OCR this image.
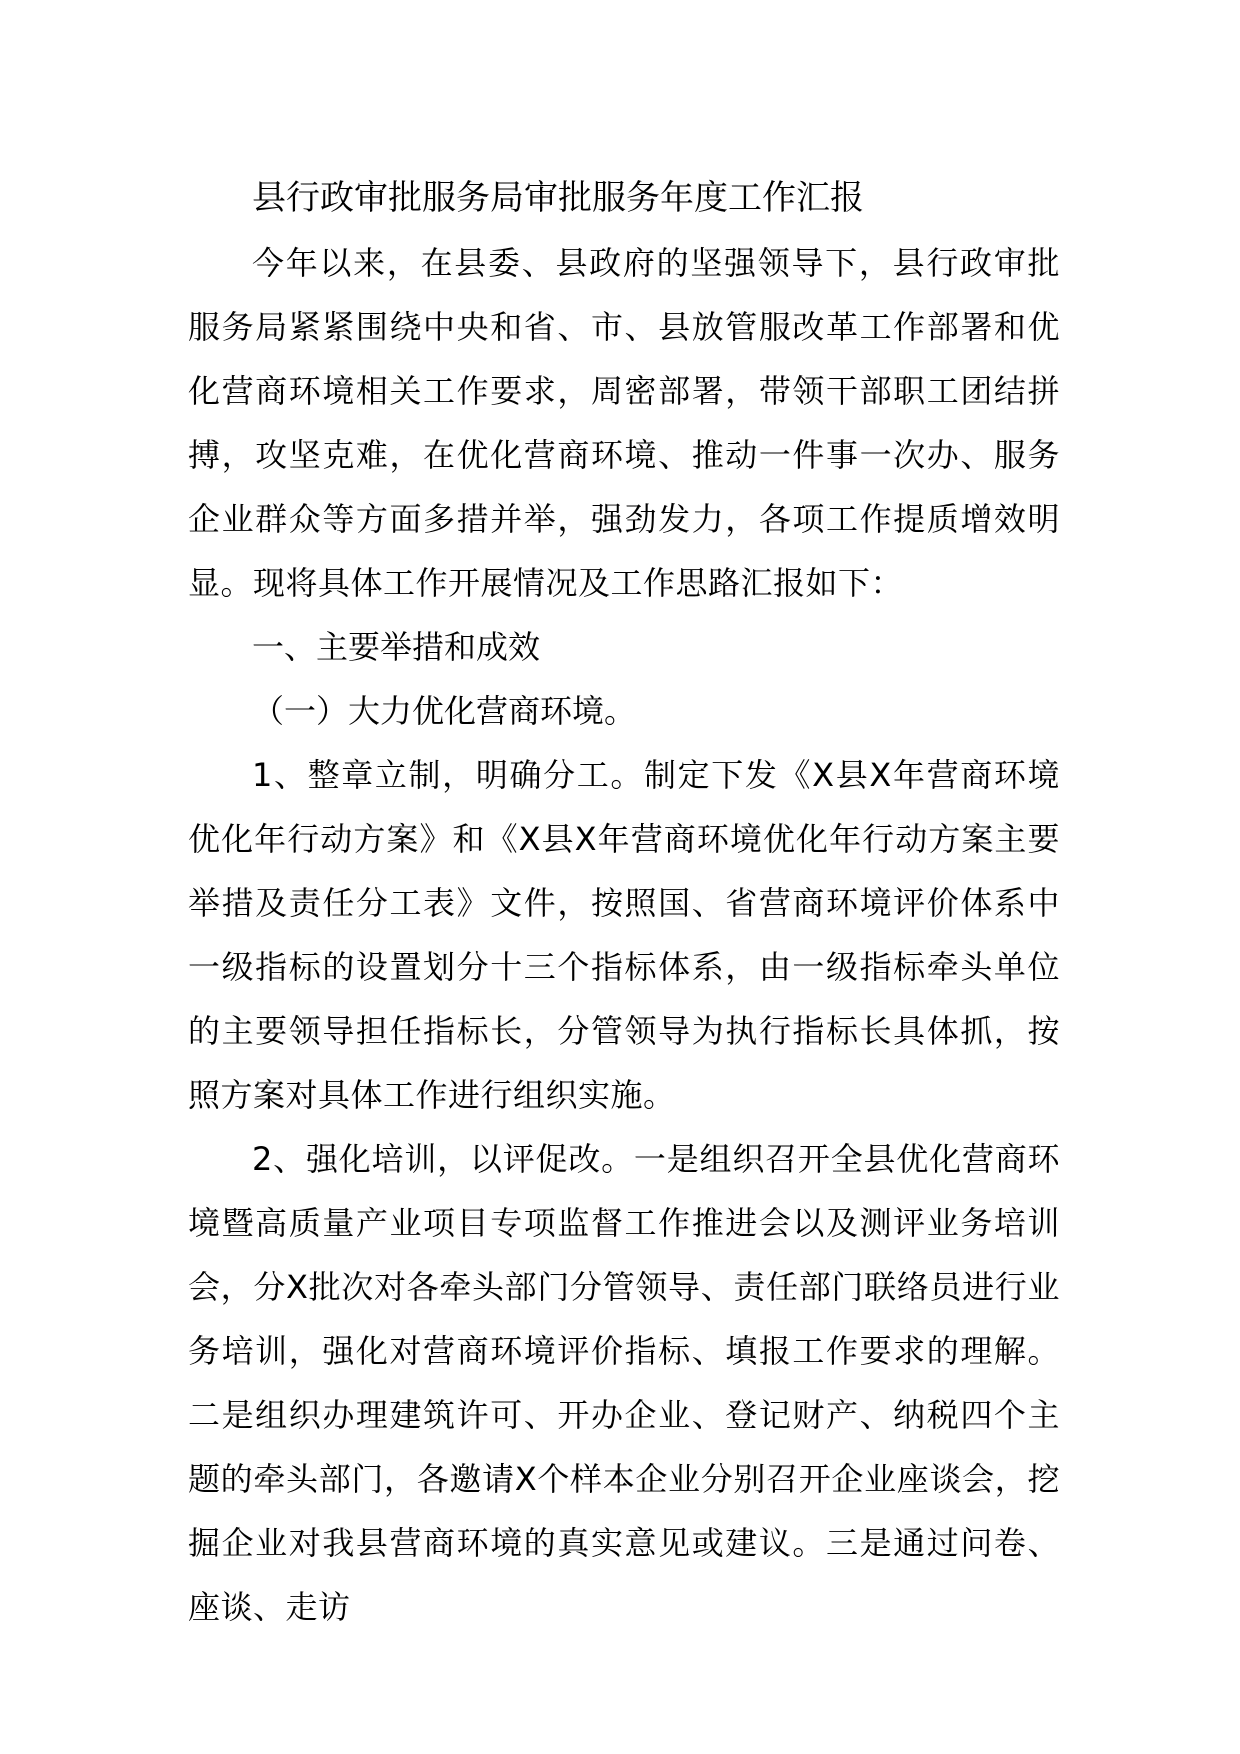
县行政审批服务局审批服务年度工作汇报

今年以来，在县委、县政府的坚强领导下，县行政审批服务局紧紧围绕中央和省、市、县放管服改革工作部署和优化营商环境相关工作要求，周密部署，带领干部职工团结拼搏，攻坚克难，在优化营商环境、推动一件事一次办、服务企业群众等方面多措并举，强劲发力，各项工作提质增效明显。现将具体工作开展情况及工作思路汇报如下：

一、主要举措和成效

（一）大力优化营商环境。

1、整章立制，明确分工。制定下发《X县X年营商环境优化年行动方案》和《X县X年营商环境优化年行动方案主要举措及责任分工表》文件，按照国、省营商环境评价体系中一级指标的设置划分十三个指标体系，由一级指标牵头单位的主要领导担任指标长，分管领导为执行指标长具体抓，按照方案对具体工作进行组织实施。

2、强化培训，以评促改。一是组织召开全县优化营商环境暨高质量产业项目专项监督工作推进会以及测评业务培训会，分X批次对各牵头部门分管领导、责任部门联络员进行业务培训，强化对营商环境评价指标、填报工作要求的理解。二是组织办理建筑许可、开办企业、登记财产、纳税四个主题的牵头部门，各邀请X个样本企业分别召开企业座谈会，挖掘企业对我县营商环境的真实意见或建议。三是通过问卷、座谈、走访
